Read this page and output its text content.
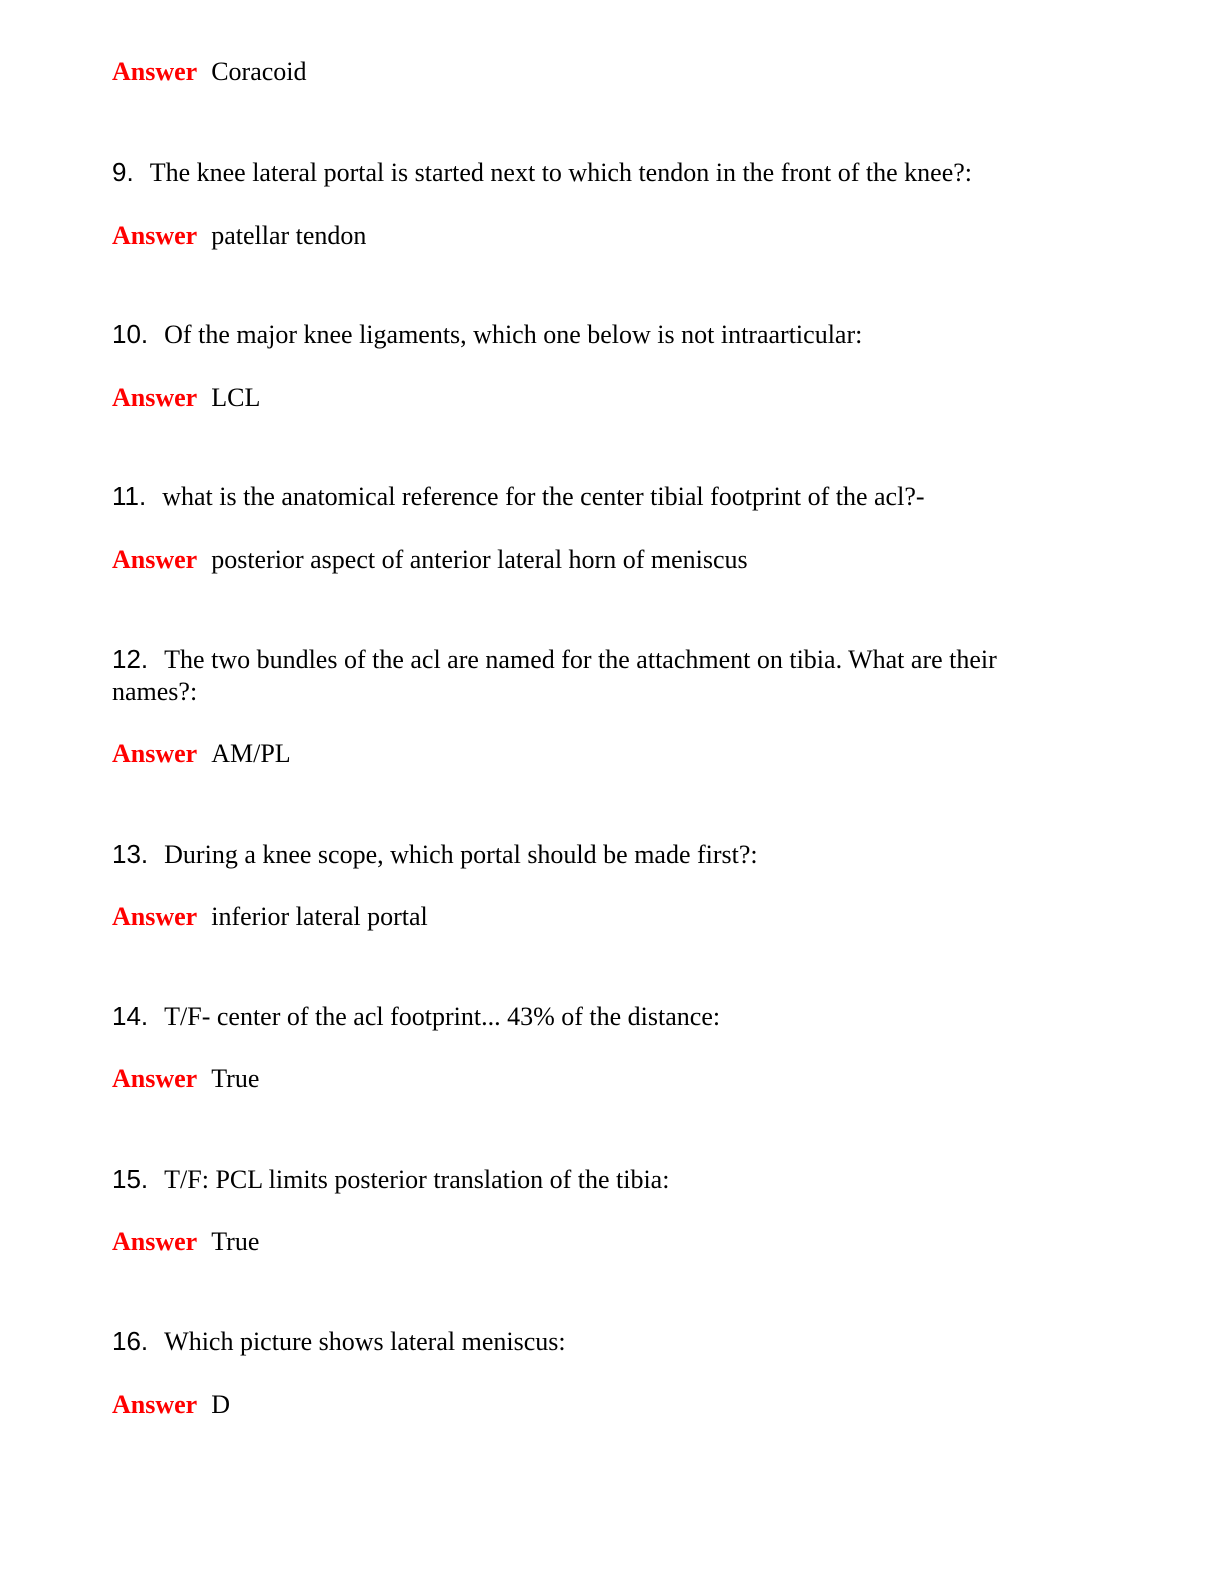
Answer Coracoid
9. The knee lateral portal is started next to which tendon in the front of the knee?:
Answer patellar tendon
10. Of the major knee ligaments, which one below is not intraarticular:
Answer LCL
11. what is the anatomical reference for the center tibial footprint of the acl?-
Answer posterior aspect of anterior lateral horn of meniscus
12. The two bundles of the acl are named for the attachment on tibia. What are their names?:
Answer AM/PL
13. During a knee scope, which portal should be made first?:
Answer inferior lateral portal
14. T/F- center of the acl footprint... 43% of the distance:
Answer True
15. T/F: PCL limits posterior translation of the tibia:
Answer True
16. Which picture shows lateral meniscus:
Answer D
